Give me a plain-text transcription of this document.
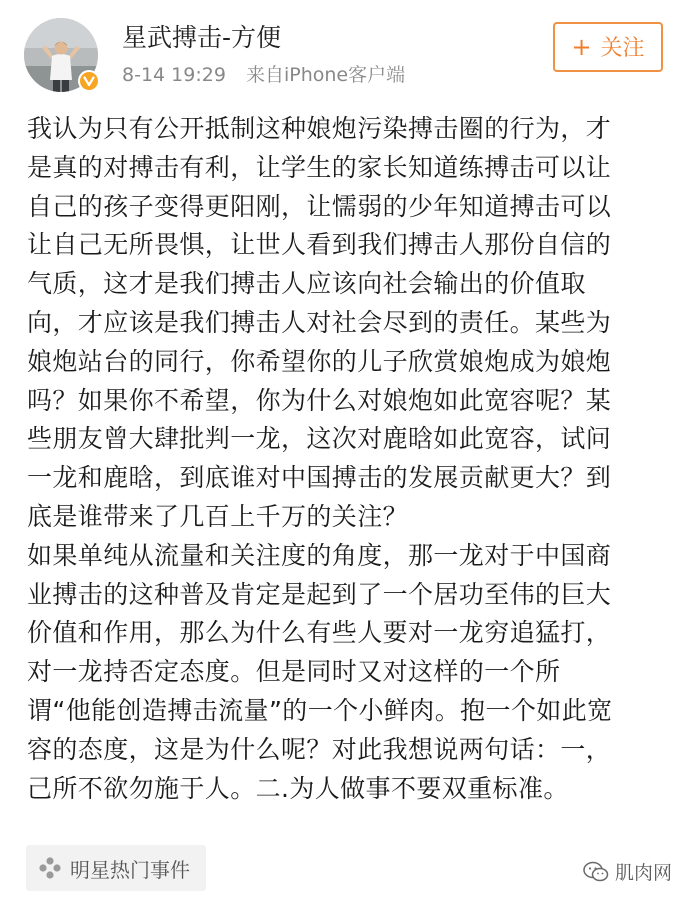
星武搏击-方便
8-14 19:29 来自iPhone客户端
+ 关注

我认为只有公开抵制这种娘炮污染搏击圈的行为，才

是真的对搏击有利，让学生的家长知道练搏击可以让

自己的孩子变得更阳刚，让懦弱的少年知道搏击可以

让自己无所畏惧，让世人看到我们搏击人那份自信的

气质，这才是我们搏击人应该向社会输出的价值取

向，才应该是我们搏击人对社会尽到的责任。某些为

娘炮站台的同行，你希望你的儿子欣赏娘炮成为娘炮

吗？如果你不希望，你为什么对娘炮如此宽容呢？某

些朋友曾大肆批判一龙，这次对鹿晗如此宽容，试问

一龙和鹿晗，到底谁对中国搏击的发展贡献更大？到

底是谁带来了几百上千万的关注？

如果单纯从流量和关注度的角度，那一龙对于中国商

业搏击的这种普及肯定是起到了一个居功至伟的巨大

价值和作用，那么为什么有些人要对一龙穷追猛打，

对一龙持否定态度。但是同时又对这样的一个所

谓“他能创造搏击流量”的一个小鲜肉。抱一个如此宽

容的态度，这是为什么呢？对此我想说两句话：一，

己所不欲勿施于人。二.为人做事不要双重标准。

明星热门事件	肌肉网
